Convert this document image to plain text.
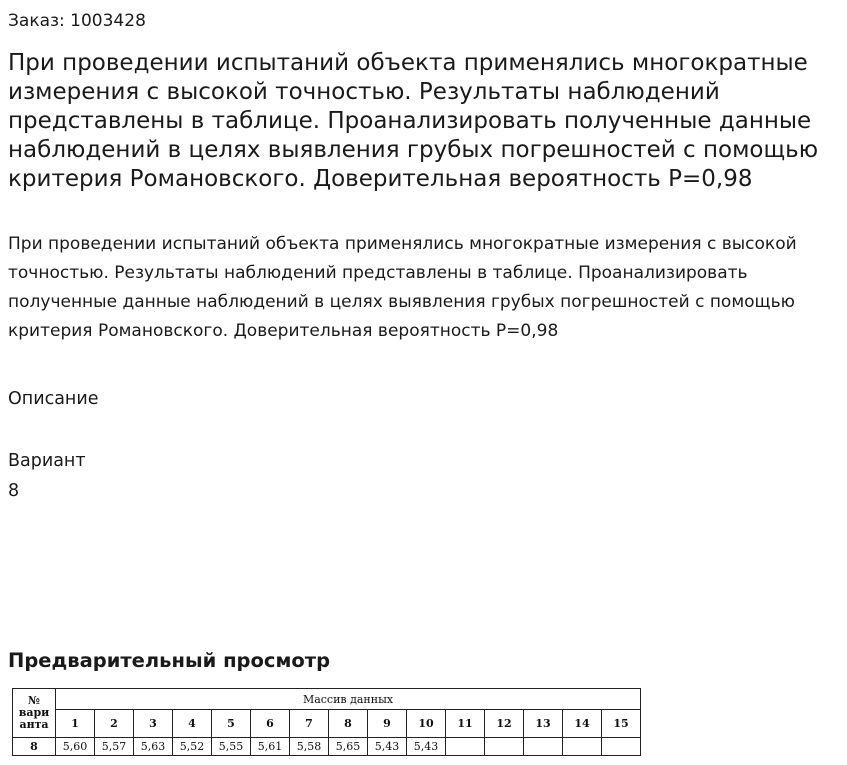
Заказ: 1003428
При проведении испытаний объекта применялись многократные измерения с высокой точностью. Результаты наблюдений представлены в таблице. Проанализировать полученные данные наблюдений в целях выявления грубых погрешностей с помощью критерия Романовского. Доверительная вероятность P=0,98

При проведении испытаний объекта применялись многократные измерения с высокой точностью. Результаты наблюдений представлены в таблице. Проанализировать полученные данные наблюдений в целях выявления грубых погрешностей с помощью критерия Романовского. Доверительная вероятность P=0,98

Описание
Вариант
8
Предварительный просмотр
№ вари анта	Массив данных														
	1	2	3	4	5	6	7	8	9	10	11	12	13	14	15
8	5,60	5,57	5,63	5,52	5,55	5,61	5,58	5,65	5,43	5,43					
